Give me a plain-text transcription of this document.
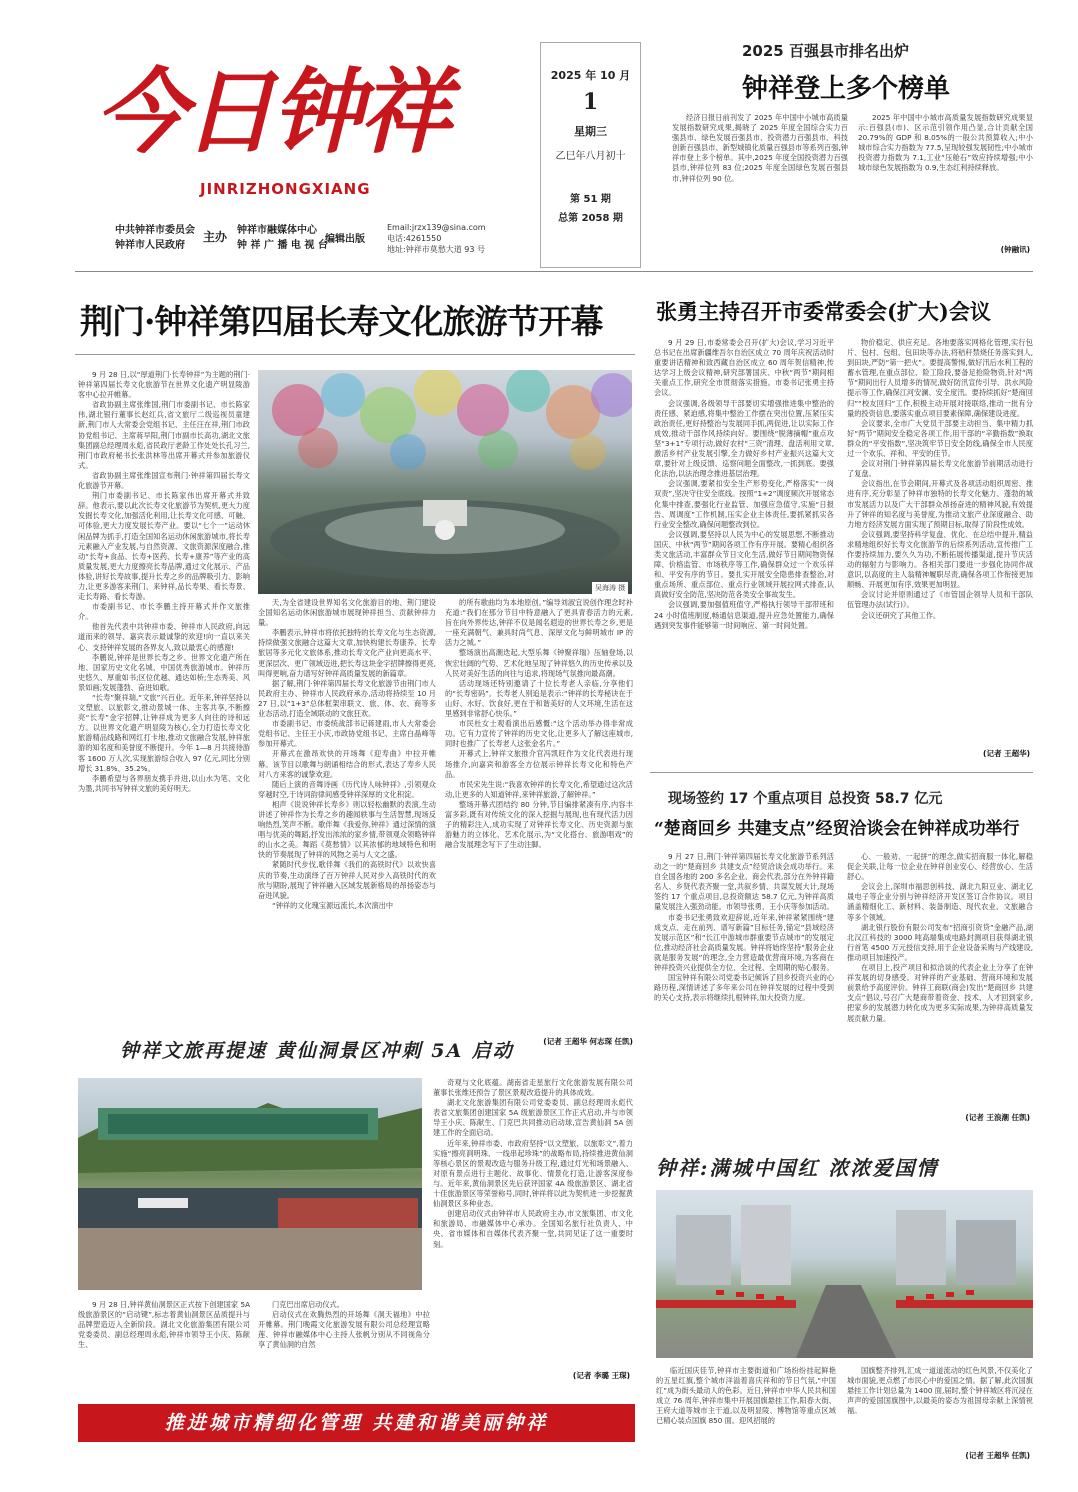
今日钟祥
JINRIZHONGXIANG
中共钟祥市委员会
钟祥市人民政府
主办 钟祥市融媒体中心
钟 祥 广 播 电 视 台
编辑出版
Email:jrzx139@sina.com
电话:4261550
地址:钟祥市莫愁大道 93 号
2025 年 10 月
1
星期三
乙巳年八月初十
第 51 期
总第 2058 期
2025 百强县市排名出炉
钟祥登上多个榜单

经济日报日前刊发了 2025 年中国中小城市高质量发展指数研究成果,揭晓了 2025 年度全国综合实力百强县市、绿色发展百强县市、投资潜力百强县市、科技创新百强县市、新型城镇化质量百强县市等系列百强,钟祥市登上多个榜单。其中,2025 年度全国投资潜力百强县市,钟祥位列 83 位;2025 年度全国绿色发展百强县市,钟祥位列 90 位。

2025 年中国中小城市高质量发展指数研究成果显示:百强县(市)、区示范引领作用凸显,合计贡献全国 20.79%的 GDP 和 8.05%的一般公共预算收入;中小城市综合实力指数为 77.5,呈现较强发展韧性;中小城市投资潜力指数为 7.1,工业“压舱石”效应持续增强;中小城市绿色发展指数为 0.9,生态红利持续释放。

(钟融讯)
荆门·钟祥第四届长寿文化旅游节开幕
吴海涛 摄

9 月 28 日,以“厚道荆门·长寿钟祥”为主题的荆门·钟祥第四届长寿文化旅游节在世界文化遗产明显陵游客中心拉开帷幕。

省政协副主席张维国,荆门市委副书记、市长陈家伟,湖北银行董事长赵红兵,省文旅厅二级巡视员童建新,荆门市人大常委会党组书记、主任汪在祥,荆门市政协党组书记、主席蒋早阳,荆门市副市长高功,湖北文旅集团副总经理周永彪,省民政厅老龄工作处处长孔习兰,荆门市政府秘书长张洪林等出席开幕式并参加旅游仪式。

省政协副主席张维国宣布荆门·钟祥第四届长寿文化旅游节开幕。

荆门市委副书记、市长陈家伟出席开幕式并致辞。他表示,要以此次长寿文化旅游节为契机,更大力度发掘长寿文化,加强活化利用,让长寿文化可感、可触、可体验,更大力度发展长寿产业。要以“七个一”运动休闲品牌为抓手,打造全国知名运动休闲旅游城市,将长寿元素融入产业发展,与自然资源、文旅资源深度融合,推动“长寿+食品、长寿+医药、长寿+康养”等产业的高质量发展,更大力度擦亮长寿品牌,通过文化展示、产品体验,讲好长寿故事,提升长寿之乡的品牌吸引力、影响力,让更多游客来荆门、来钟祥,品长寿果、看长寿景、走长寿路、看长寿游。

市委副书记、市长李鹏主持开幕式并作文旅推介。

他首先代表中共钟祥市委、钟祥市人民政府,向远道而来的领导、嘉宾表示最诚挚的欢迎!向一直以来关心、支持钟祥发展的各界友人,致以最衷心的感谢!

李鹏说,钟祥是世界长寿之乡、世界文化遗产所在地、国家历史文化名城、中国优秀旅游城市。钟祥历史悠久、厚重如书;区位优越、通达如桥;生态秀美、风景如画;发展蓬勃、奋进如歌。

“长寿”聚祥瑞,“文旅”兴百业。近年来,钟祥坚持以文塑旅、以旅彰文,推动景城一体、主客共享,不断擦亮“长寿”金字招牌,让钟祥成为更多人向往的诗和远方。以世界文化遗产明显陵为核心,全力打造长寿文化旅游精品线路和网红打卡地,推动文旅融合发展,钟祥旅游的知名度和美誉度不断提升。今年 1—8 月共接待游客 1600 万人次,实现旅游综合收入 97 亿元,同比分别增长 31.8%、35.2%。

李鹏希望与各界朋友携手并进,以山水为笔、文化为墨,共同书写钟祥文旅的美好明天。

天,为全省建设世界知名文化旅游目的地、荆门建设全国知名运动休闲旅游城市展现钟祥担当、贡献钟祥力量。

李鹏表示,钟祥市将依托独特的长寿文化与生态资源,持续做强文旅融合这篇大文章,加快构建长寿康养、长寿旅居等多元化文旅体系,推动长寿文化产业向更高水平、更深层次、更广领域迈进,把长寿这块金字招牌擦得更亮,叫得更响,奋力谱写好钟祥高质量发展的新篇章。

据了解,荆门·钟祥第四届长寿文化旅游节由荆门市人民政府主办、钟祥市人民政府承办,活动将持续至 10 月 27 日,以“1+3”总体框架串联文、旅、体、农、商等多业态活动,打造全域联动的文旅狂欢。

市委副书记、市委统战部书记蒋建雨,市人大常委会党组书记、主任王小庆,市政协党组书记、主席白晶峰等参加开幕式。

开幕式在激昂欢快的开场舞《迎寿曲》中拉开帷幕。该节目以歌舞与朗诵相结合的形式,表达了寿乡人民对八方来客的诚挚欢迎。

随后上演的音舞诗画《历代诗人咏钟祥》,引领观众穿越时空,于诗词韵律间感受钟祥深厚的文化积淀。

相声《说说钟祥长寿乡》则以轻松幽默的表演,生动讲述了钟祥作为长寿之乡的趣闻轶事与生活智慧,现场反响热烈,笑声不断。歌伴舞《我爱你,钟祥》通过深情的演唱与优美的舞蹈,抒发出浓浓的家乡情,带领观众领略钟祥的山水之美。舞蹈《莫愁情》以其浓郁的地域特色和明快的节奏展现了钟祥的风物之美与人文之盛。

紧随时代步伐,歌伴舞《我们的高铁时代》以欢快喜庆的节奏,生动演绎了百万钟祥人民对步入高铁时代的欢欣与期盼,展现了钟祥融入区域发展新格局的昂扬姿态与奋进风貌。

“钟祥的文化瑰宝源远流长,本次演出中

的所有歌曲均为本地原创。”编导刘淑宜说创作理念时补充道:“我们在那分节目中特意融入了更具青春活力的元素,旨在向外界传达,钟祥不仅是闻名遐迩的世界长寿之乡,更是一座充满朝气、兼具时尚气息、深厚文化与鲜明城市 IP 的活力之城。”

整场演出高潮迭起,大型乐舞《钟聚祥瑞》压轴登场,以恢宏壮阔的气势、艺术化地呈现了钟祥悠久的历史传承以及人民对美好生活的向往与追求,将现场气氛推向最高潮。

活动现场还特别邀请了十位长寿老人亲临,分享他们的“长寿密码”。长寿老人别追是表示:“钟祥的长寿秘诀在于山好、水好、饮食好,更在于和谐美好的人文环境,生活在这里感到非常舒心快乐。”

市民杜女士观看演出后感慨:“这个活动举办得非常成功。它有力宣传了钟祥的历史文化,让更多人了解这座城市,同时也推广了长寿老人这张金名片。”

开幕式上,钟祥文旅推介官冯凯旺作为文化代表进行现场推介,向嘉宾和游客全方位展示钟祥长寿文化和特色产品。

市民宋先生说:“我喜欢钟祥的长寿文化,希望通过这次活动,让更多的人知道钟祥,来钟祥旅游,了解钟祥。”

整场开幕式团结约 80 分钟,节目编排紧凑有序,内容丰富多彩,既有对传统文化的深入挖掘与展现,也有现代活力因子的精彩注入,成功实现了对钟祥长寿文化、历史资源与旅游魅力的立体化、艺术化展示,为“文化搭台、旅游唱戏”的融合发展理念写下了生动注脚。

(记者 王超华 何志琛 任凯)
张勇主持召开市委常委会(扩大)会议

9 月 29 日,市委常委会召开(扩大)会议,学习习近平总书记在出席新疆维吾尔自治区成立 70 周年庆祝活动时重要讲话精神和致西藏自治区成立 60 周年贺信精神,传达学习上级会议精神,研究部署国庆、中秋“两节”期间相关重点工作,研究全市贯彻落实措施。市委书记张勇主持会议。

会议强调,各级领导干部要切实增强推进集中整治的责任感、紧迫感,将集中整治工作摆在突出位置,压紧压实政治责任,更好持整治与发展同手抓,两促进,让以实际工作成效,推动干部作风持续向好。要围绕“脱薄摘帽”重点攻坚“3+1”专项行动,做好农村“三资”清理、盘活利用文章,激活乡村产业发展引擎,全力做好乡村产业振兴这篇大文章,要针对上级反馈、巡察问题全面整改,一抓到底。要强化法治,以法治理念推进基层治理。

会议强调,要紧扣安全生产形势变化,严格落实“一岗双责”,坚决守住安全底线。按照“1+2”调度频次开展常态化集中排查,要强化行业监管、加强应急值守,实施“日报告、周调度”工作机制,压实企业主体责任,要抓紧抓实各行业安全整改,确保问题整改到位。

会议强调,要坚持以人民为中心的发展思想,不断推动国庆、中秋“两节”期间各项工作有序开展。要精心组织各类文旅活动,丰富群众节日文化生活,做好节日期间物资保障、价格监管、市场秩序等工作,确保群众过一个欢乐祥和、平安有序的节日。要扎实开展安全隐患排查整治,对重点场所、重点部位、重点行业领域开展拉网式排查,认真做好安全防范,坚决防范各类安全事故发生。

会议强调,要加强值班值守,严格执行领导干部带班和 24 小时值班制度,畅通信息渠道,提升应急处置能力,确保遇到突发事件能够第一时间响应、第一时间处置。

物价稳定、供应充足。各地要落实网格化管理,实行包片、包村、包组、包田块等办法,将秸秆禁烧任务落实到人,到田块,严防“第一把火”。要提高警惕,做好汛后水利工程的蓄水管理,在重点部位、险工险段,要备足抢险物资,针对“两节”期间出行人员增多的情况,做好防汛宣传引导、洪水风险提示等工作,确保江河安澜、安全度汛。要持续抓好“楚商回归”“校友回归”工作,积极主动开展对接联络,推动一批有分量的投资信息,要落实重点项目要素保障,确保建设进度。

会议要求,全市广大党员干部要主动担当、集中精力抓好“两节”期间安全稳定各项工作,用干部的“辛勤指数”换取群众的“平安指数”,坚决筑牢节日安全防线,确保全市人民度过一个欢乐、祥和、平安的佳节。

会议对荆门·钟祥第四届长寿文化旅游节前期活动进行了复盘。

会议指出,在节会期间,开幕式及各项活动组织周密、推进有序,充分彰显了钟祥市独特的长寿文化魅力、蓬勃的城市发展活力以及广大干部群众昂扬奋进的精神风貌,有效提升了钟祥的知名度与美誉度,为推动文旅产业深度融合、助力地方经济发展方面实现了预期目标,取得了阶段性成效。

会议强调,要坚持科学复盘、优化、在总结中提升,精益求精地组织好长寿文化旅游节的后续系列活动,宣传推广工作要持续加力,要久久为功,不断拓展传播渠道,提升节庆活动的辐射力与影响力。各相关部门要进一步强化协同作战意识,以高度的主人翁精神履职尽责,确保各项工作衔接更加顺畅、开展更加有序,效果更加明显。

会议讨论并原则通过了《市管国企领导人员和干部队伍管理办法(试行)》。

会议还研究了其他工作。

(记者 王超华)
现场签约 17 个重点项目 总投资 58.7 亿元
“楚商回乡 共建支点”经贸洽谈会在钟祥成功举行

9 月 27 日,荆门·钟祥第四届长寿文化旅游节系列活动之一的“楚商回乡 共建支点”经贸洽谈会成功举行。来自全国各地的 200 多名企业、商会代表,部分在外钟祥籍名人、乡贤代表齐聚一堂,共叙乡情、共谋发展大计,现场签约 17 个重点项目,总投资额达 58.7 亿元,为钟祥高质量发展注入强劲动能。市领导张勇、王小庆等参加活动。

市委书记张勇致欢迎辞说,近年来,钟祥紧紧围绕“建成支点、走在前列、谱写新篇”目标任务,锚定“县域经济发展示范区”和“长江中游城市群重要节点城市”的发展定位,推动经济社会高质量发展。钟祥将始终坚持“服务企业就是服务发展”的理念,全力营造最优营商环境,为客商在钟祥投资兴业提供全方位、全过程、全周期的贴心服务。

国宝钟祥有限公司党委书记倾诉了回乡投资兴业的心路历程,深情讲述了多年来公司在钟祥发展的过程中受到的关心支持,表示将继续扎根钟祥,加大投资力度。

心、一般劝、一起拼”的理念,做实招商服一体化,解稳促企关联,让每一位企业在钟祥创业安心、经营放心、生活舒心。

会议会上,深圳市福思创科技、湖北九阳豆业、湖北亿晟电子等企业分别与钟祥经济开发区签订合作协议。项目涵盖精细化工、新材料、装备制造、现代农业、文旅融合等多个领域。

湖北银行股份有限公司发布“招商引资贷”金融产品,湖北汉江科技的 3000 吨高端集成电路封测项目获得湖北银行首笔 4500 万元授信支持,用于企业设备采购与产线建设,推动项目加速投产。

在项目上,投产项目和拟洽谈的代表企业上分享了在钟祥发展的切身感受。对钟祥的产业基础、营商环境和发展前景给予高度评价。钟祥工商联(商会)发出“楚商回乡 共建支点”倡议,号召广大楚商带着资金、技术、人才回到家乡,把家乡的发展潜力转化成为更多实际成果,为钟祥高质量发展贡献力量。

(记者 王浪潮 任凯)
钟祥文旅再提速 黄仙洞景区冲刺 5A 启动

9 月 28 日,钟祥黄仙洞景区正式按下创建国家 5A 级旅游景区的“启动键”,标志着黄仙洞景区品质提升与品牌塑造迈入全新阶段。湖北文化旅游集团有限公司党委委员、副总经理周永彪,钟祥市领导王小庆、陈献生、

门克巴出席启动仪式。

启动仪式在欢腾热烈的开场舞《洞天福地》中拉开帷幕。荆门晚霞文化旅游发展有限公司总经理宣略莲、钟祥市融媒体中心主持人张帆分别从不同视角分享了黄仙洞的自然

奇观与文化底蕴。湖南省走星旅行文化旅游发展有限公司董事长张维还预告了景区景观改造提升的具体成效。

湖北文化旅游集团有限公司党委委员、副总经理周永彪代表省文旅集团创建国家 5A 级旅游景区工作正式启动,并与市领导王小庆、陈献生、门克巴共同推动启动球,宣告黄仙洞 5A 创建工作的全面启动。

近年来,钟祥市委、市政府坚持“以文塑旅、以旅彰文”,着力实施“擦亮洞明珠、一线串起珍珠”的战略布局,持续推进黄仙洞等核心景区的景观改造与服务升级工程,通过灯光和场景融入、对原有景点进行主题化、故事化、情景化打造,让游客深度参与。近年来,黄仙洞景区先后获评国家 4A 级旅游景区、湖北省十佳旅游景区等荣誉称号,同时,钟祥将以此为契机进一步挖掘黄仙洞景区多种业态。

创建启动仪式由钟祥市人民政府主办,市文旅集团、市文化和旅游局、市融媒体中心承办。全国知名旅行社负责人、中央、省市媒体和自媒体代表齐聚一堂,共同见证了这一重要时刻。

(记者 李璐 王琛)
钟祥:满城中国红 浓浓爱国情

临近国庆佳节,钟祥市主要街道和广场纷纷挂起鲜艳的五星红旗,整个城市洋溢着喜庆祥和的节日气氛,“中国红”成为街头最动人的色彩。近日,钟祥市中华人民共和国成立 76 周年,钟祥市集中开展国旗悬挂工作,阳春大街、王府大道等城市主干道,以及明显陵、博物馆等重点区域已精心装点国旗 850 面。迎风招展的

国旗整齐排列,汇成一道道流动的红色风景,不仅美化了城市面貌,更点燃了市民心中的爱国之情。据了解,此次国旗悬挂工作计划总量为 1400 面,届时,整个钟祥城区将沉浸在声声的爱国国旗图中,以最美的姿态为祖国母亲献上深情祝福。

(记者 王超华 任凯)
推进城市精细化管理 共建和谐美丽钟祥
